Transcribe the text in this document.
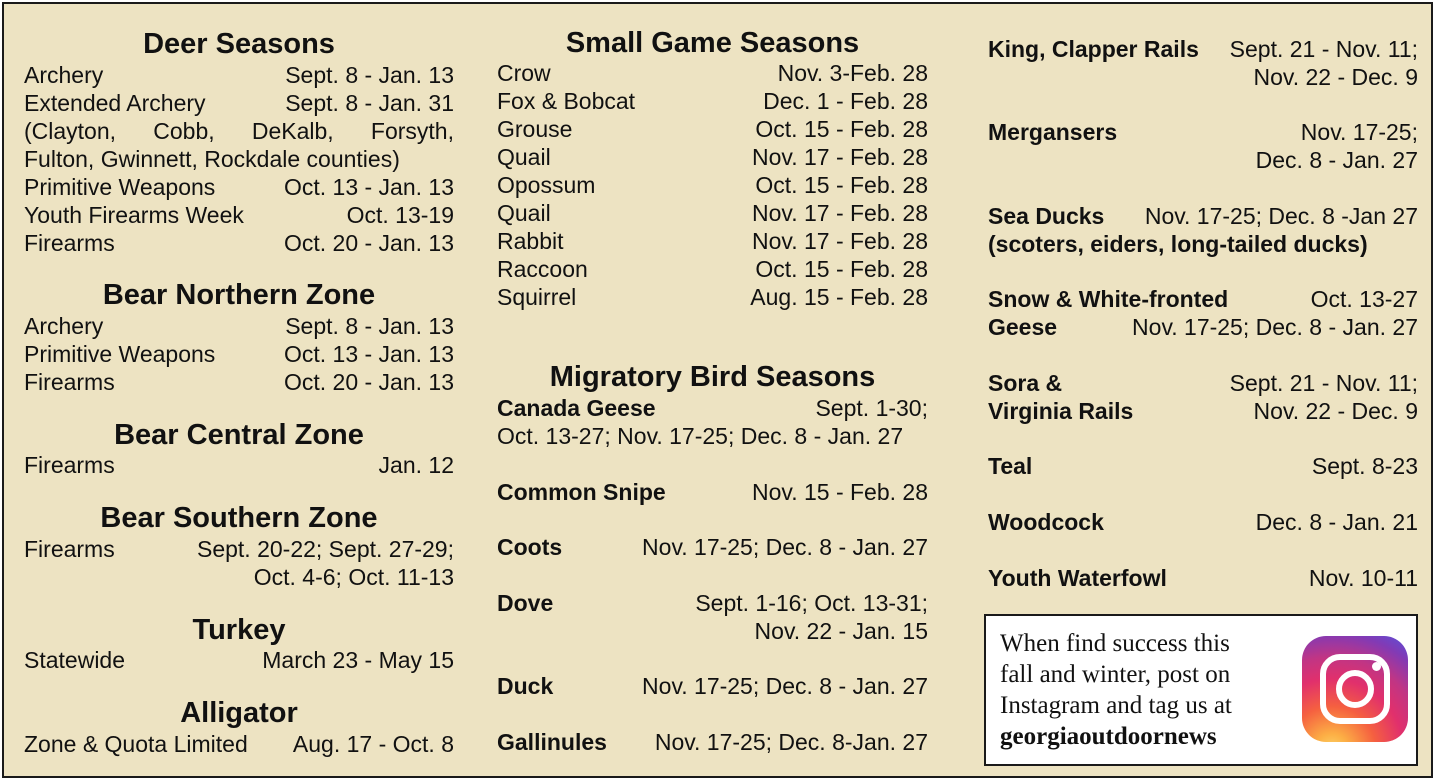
Deer Seasons
Archery	Sept. 8 - Jan. 13
Extended Archery	Sept. 8 - Jan. 31
(Clayton, Cobb, DeKalb, Forsyth,
Fulton, Gwinnett, Rockdale counties)
Primitive Weapons	Oct. 13 - Jan. 13
Youth Firearms Week	Oct. 13-19
Firearms	Oct. 20 - Jan. 13
Bear Northern Zone
Archery	Sept. 8 - Jan. 13
Primitive Weapons	Oct. 13 - Jan. 13
Firearms	Oct. 20 - Jan. 13
Bear Central Zone
Firearms	Jan. 12
Bear Southern Zone
Firearms	Sept. 20-22; Sept. 27-29;
Oct. 4-6; Oct. 11-13
Turkey
Statewide	March 23 - May 15
Alligator
Zone & Quota Limited Aug. 17 - Oct. 8
Small Game Seasons
Crow	Nov. 3-Feb. 28
Fox & Bobcat	Dec. 1 - Feb. 28
Grouse	Oct. 15 - Feb. 28
Quail	Nov. 17 - Feb. 28
Opossum	Oct. 15 - Feb. 28
Quail	Nov. 17 - Feb. 28
Rabbit	Nov. 17 - Feb. 28
Raccoon	Oct. 15 - Feb. 28
Squirrel	Aug. 15 - Feb. 28
Migratory Bird Seasons
Canada Geese	Sept. 1-30;
Oct. 13-27; Nov. 17-25; Dec. 8 - Jan. 27
Common Snipe	Nov. 15 - Feb. 28
Coots	Nov. 17-25; Dec. 8 - Jan. 27
Dove	Sept. 1-16; Oct. 13-31;
Nov. 22 - Jan. 15
Duck	Nov. 17-25; Dec. 8 - Jan. 27
Gallinules Nov. 17-25; Dec. 8-Jan. 27
King, Clapper Rails Sept. 21 - Nov. 11;
Nov. 22 - Dec. 9
Mergansers	Nov. 17-25;
Dec. 8 - Jan. 27
Sea Ducks Nov. 17-25; Dec. 8 -Jan 27
(scoters, eiders, long-tailed ducks)
Snow & White-fronted	Oct. 13-27
Geese	Nov. 17-25; Dec. 8 - Jan. 27
Sora &	Sept. 21 - Nov. 11;
Virginia Rails	Nov. 22 - Dec. 9
Teal	Sept. 8-23
Woodcock	Dec. 8 - Jan. 21
Youth Waterfowl	Nov. 10-11
When find success this
fall and winter, post on
Instagram and tag us at
georgiaoutdoornews
